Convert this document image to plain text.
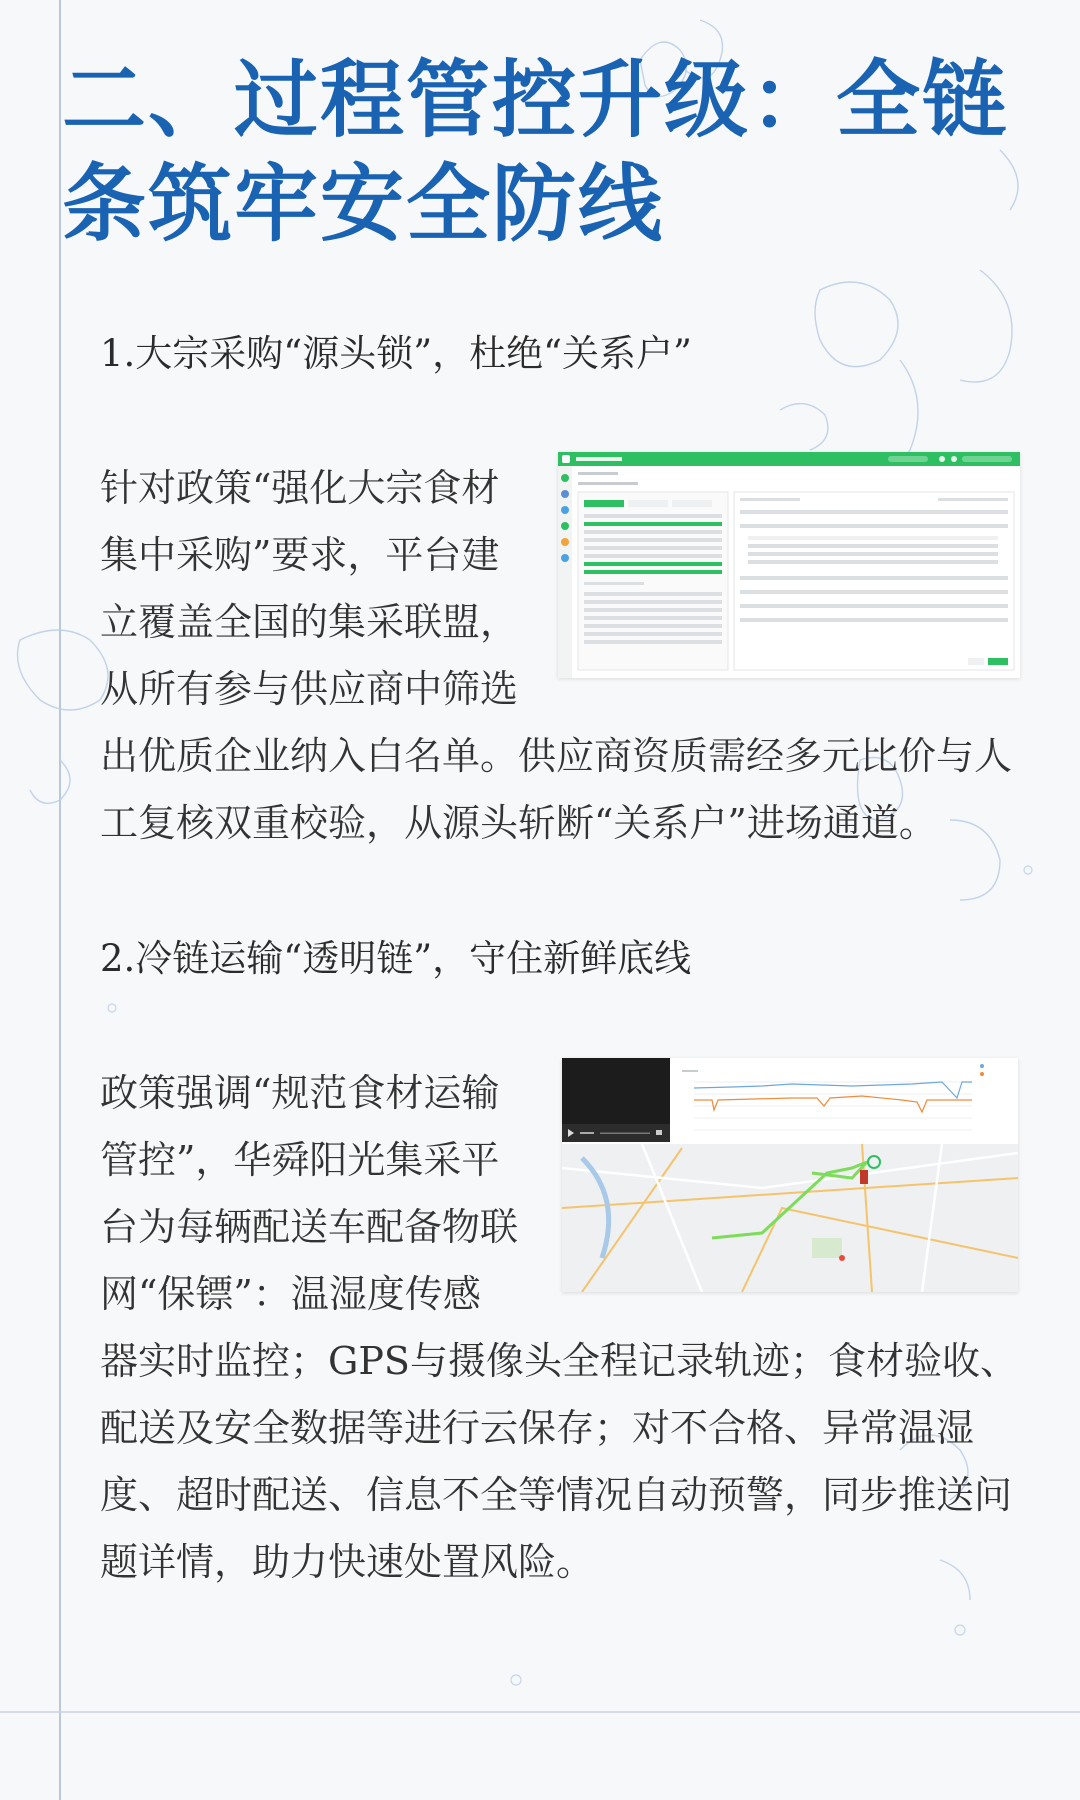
二、过程管控升级：全链
条筑牢安全防线
1.大宗采购“源头锁”，杜绝“关系户”
针对政策“强化大宗食材
集中采购”要求，平台建
立覆盖全国的集采联盟，
从所有参与供应商中筛选
出优质企业纳入白名单。供应商资质需经多元比价与人
工复核双重校验，从源头斩断“关系户”进场通道。
2.冷链运输“透明链”，守住新鲜底线
政策强调“规范食材运输
管控”，华舜阳光集采平
台为每辆配送车配备物联
网“保镖”：温湿度传感
器实时监控；GPS与摄像头全程记录轨迹；食材验收、
配送及安全数据等进行云保存；对不合格、异常温湿
度、超时配送、信息不全等情况自动预警，同步推送问
题详情，助力快速处置风险。
